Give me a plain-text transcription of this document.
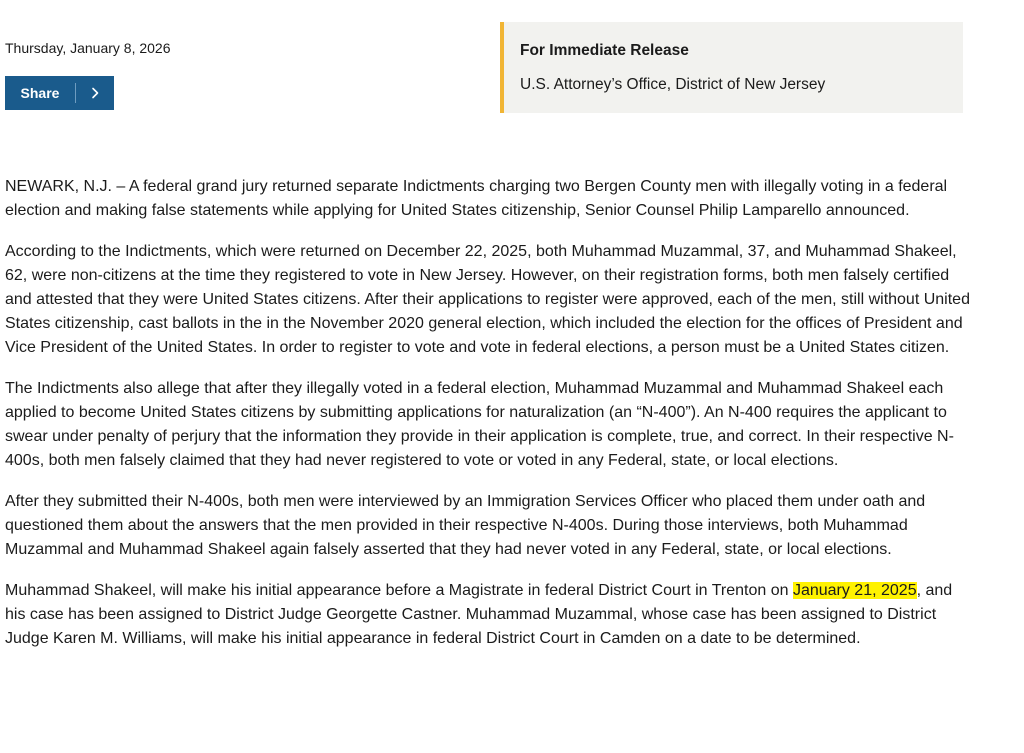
Thursday, January 8, 2026
Share
For Immediate Release
U.S. Attorney’s Office, District of New Jersey

NEWARK, N.J. – A federal grand jury returned separate Indictments charging two Bergen County men with illegally voting in a federal election and making false statements while applying for United States citizenship, Senior Counsel Philip Lamparello announced.

According to the Indictments, which were returned on December 22, 2025, both Muhammad Muzammal, 37, and Muhammad Shakeel, 62, were non-citizens at the time they registered to vote in New Jersey. However, on their registration forms, both men falsely certified and attested that they were United States citizens. After their applications to register were approved, each of the men, still without United States citizenship, cast ballots in the in the November 2020 general election, which included the election for the offices of President and Vice President of the United States. In order to register to vote and vote in federal elections, a person must be a United States citizen.

The Indictments also allege that after they illegally voted in a federal election, Muhammad Muzammal and Muhammad Shakeel each applied to become United States citizens by submitting applications for naturalization (an “N-400”). An N-400 requires the applicant to swear under penalty of perjury that the information they provide in their application is complete, true, and correct. In their respective N-400s, both men falsely claimed that they had never registered to vote or voted in any Federal, state, or local elections.

After they submitted their N-400s, both men were interviewed by an Immigration Services Officer who placed them under oath and questioned them about the answers that the men provided in their respective N-400s. During those interviews, both Muhammad Muzammal and Muhammad Shakeel again falsely asserted that they had never voted in any Federal, state, or local elections.

Muhammad Shakeel, will make his initial appearance before a Magistrate in federal District Court in Trenton on January 21, 2025, and his case has been assigned to District Judge Georgette Castner. Muhammad Muzammal, whose case has been assigned to District Judge Karen M. Williams, will make his initial appearance in federal District Court in Camden on a date to be determined.
